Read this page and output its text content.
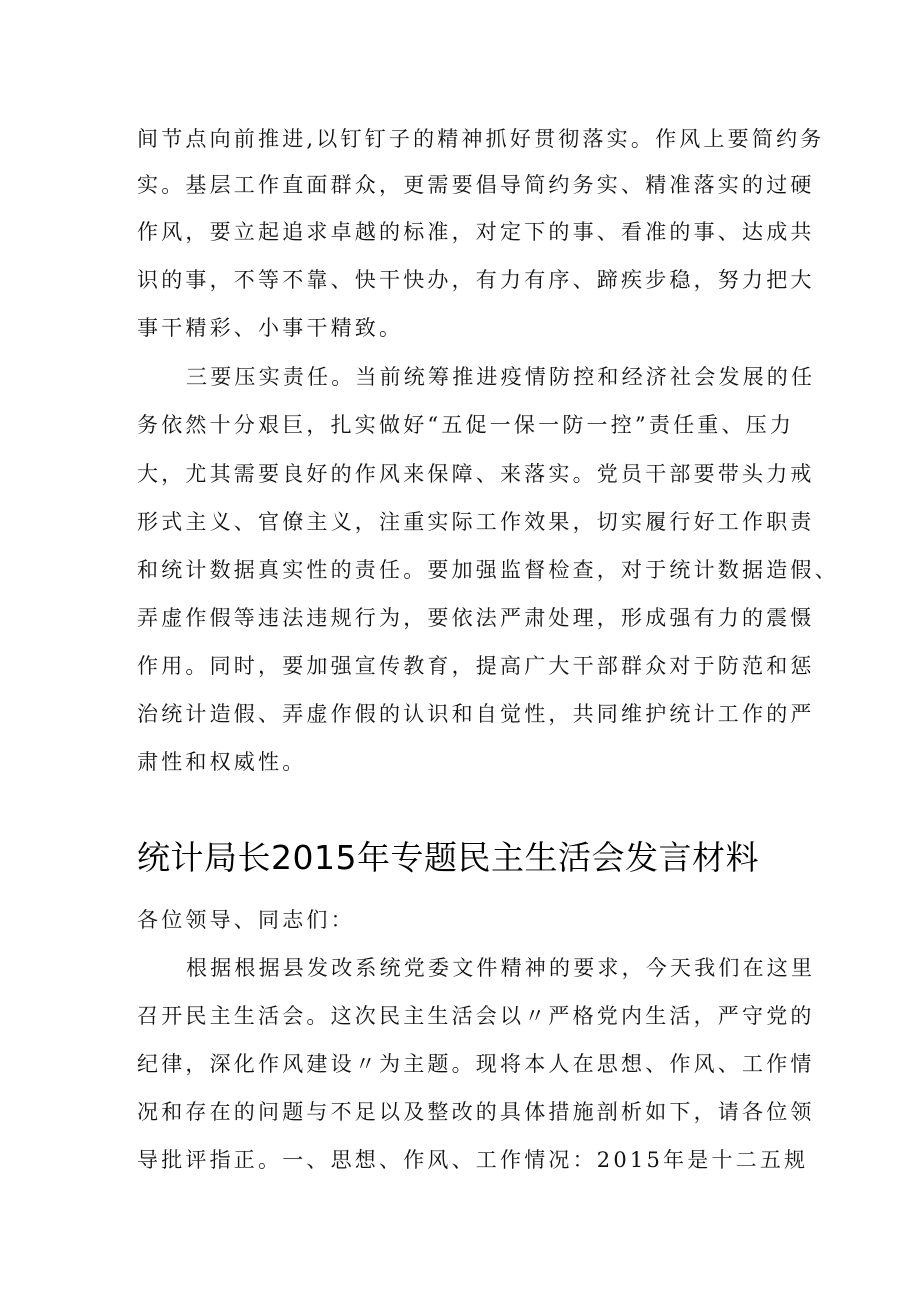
间节点向前推进,以钉钉子的精神抓好贯彻落实。作风上要简约务
实。基层工作直面群众，更需要倡导简约务实、精准落实的过硬
作风，要立起追求卓越的标准，对定下的事、看准的事、达成共
识的事，不等不靠、快干快办，有力有序、蹄疾步稳，努力把大
事干精彩、小事干精致。
三要压实责任。当前统筹推进疫情防控和经济社会发展的任
务依然十分艰巨，扎实做好“五促一保一防一控”责任重、压力
大，尤其需要良好的作风来保障、来落实。党员干部要带头力戒
形式主义、官僚主义，注重实际工作效果，切实履行好工作职责
和统计数据真实性的责任。要加强监督检查，对于统计数据造假、
弄虚作假等违法违规行为，要依法严肃处理，形成强有力的震慑
作用。同时，要加强宣传教育，提高广大干部群众对于防范和惩
治统计造假、弄虚作假的认识和自觉性，共同维护统计工作的严
肃性和权威性。
统计局长2015年专题民主生活会发言材料
各位领导、同志们：
根据根据县发改系统党委文件精神的要求，今天我们在这里
召开民主生活会。这次民主生活会以〃严格党内生活，严守党的
纪律，深化作风建设〃为主题。现将本人在思想、作风、工作情
况和存在的问题与不足以及整改的具体措施剖析如下，请各位领
导批评指正。一、思想、作风、工作情况：2015年是十二五规
